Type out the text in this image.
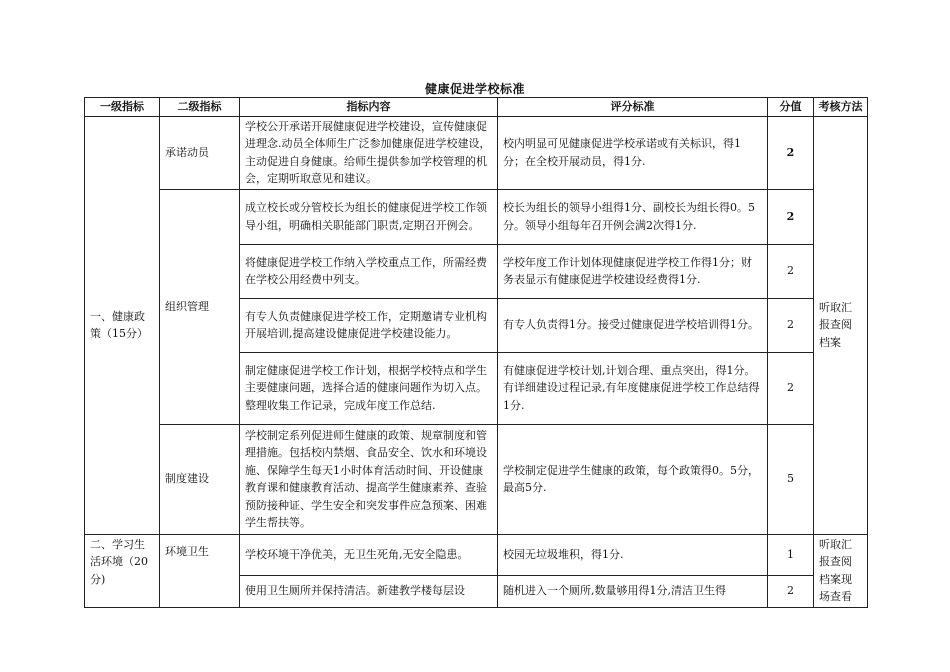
健康促进学校标准
一级指标	二级指标	指标内容	评分标准	分值	考核方法
一、健康政策（15分）	承诺动员	学校公开承诺开展健康促进学校建设，宣传健康促进理念.动员全体师生广泛参加健康促进学校建设，主动促进自身健康。给师生提供参加学校管理的机会，定期听取意见和建议。	校内明显可见健康促进学校承诺或有关标识，得1分；在全校开展动员，得1分.	2	听取汇报查阅档案
	组织管理	成立校长或分管校长为组长的健康促进学校工作领导小组，明确相关职能部门职责,定期召开例会。	校长为组长的领导小组得1分、副校长为组长得0。5分。领导小组每年召开例会满2次得1分.	2	
		将健康促进学校工作纳入学校重点工作，所需经费在学校公用经费中列支。	学校年度工作计划体现健康促进学校工作得1分；财务表显示有健康促进学校建设经费得1分.	2	
		有专人负责健康促进学校工作，定期邀请专业机构开展培训,提高建设健康促进学校建设能力。	有专人负责得1分。接受过健康促进学校培训得1分。	2	
		制定健康促进学校工作计划，根据学校特点和学生主要健康问题，选择合适的健康问题作为切入点。整理收集工作记录，完成年度工作总结.	有健康促进学校计划,计划合理、重点突出，得1分。有详细建设过程记录,有年度健康促进学校工作总结得1分.	2	
	制度建设	学校制定系列促进师生健康的政策、规章制度和管理措施。包括校内禁烟、食品安全、饮水和环境设施、保障学生每天1小时体育活动时间、开设健康教育课和健康教育活动、提高学生健康素养、查验预防接种证、学生安全和突发事件应急预案、困难学生帮扶等。	学校制定促进学生健康的政策，每个政策得0。5分，最高5分.	5	
二、学习生活环境（20分)	环境卫生	学校环境干净优美，无卫生死角,无安全隐患。	校园无垃圾堆积，得1分.	1	听取汇报查阅档案现场查看
		使用卫生厕所并保持清洁。新建教学楼每层设	随机进入一个厕所,数量够用得1分,清洁卫生得	2	
